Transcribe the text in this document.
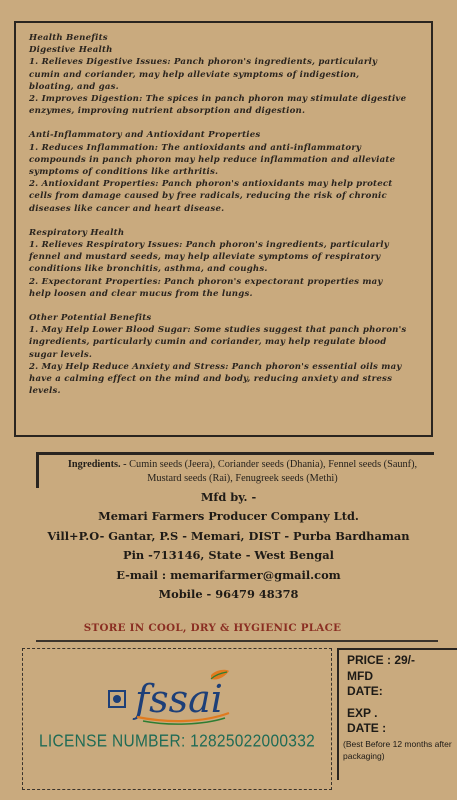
Health Benefits
Digestive Health
1. Relieves Digestive Issues: Panch phoron's ingredients, particularly
cumin and coriander, may help alleviate symptoms of indigestion,
bloating, and gas.
2. Improves Digestion: The spices in panch phoron may stimulate digestive
enzymes, improving nutrient absorption and digestion.
Anti-Inflammatory and Antioxidant Properties
1. Reduces Inflammation: The antioxidants and anti-inflammatory
compounds in panch phoron may help reduce inflammation and alleviate
symptoms of conditions like arthritis.
2. Antioxidant Properties: Panch phoron's antioxidants may help protect
cells from damage caused by free radicals, reducing the risk of chronic
diseases like cancer and heart disease.
Respiratory Health
1. Relieves Respiratory Issues: Panch phoron's ingredients, particularly
fennel and mustard seeds, may help alleviate symptoms of respiratory
conditions like bronchitis, asthma, and coughs.
2. Expectorant Properties: Panch phoron's expectorant properties may
help loosen and clear mucus from the lungs.
Other Potential Benefits
1. May Help Lower Blood Sugar: Some studies suggest that panch phoron's
ingredients, particularly cumin and coriander, may help regulate blood
sugar levels.
2. May Help Reduce Anxiety and Stress: Panch phoron's essential oils may
have a calming effect on the mind and body, reducing anxiety and stress
levels.
Ingredients. - Cumin seeds (Jeera), Coriander seeds (Dhania), Fennel seeds (Saunf), Mustard seeds (Rai), Fenugreek seeds (Methi)
Mfd by. -
Memari Farmers Producer Company Ltd.
Vill+P.O- Gantar, P.S - Memari, DIST - Purba Bardhaman
Pin -713146, State - West Bengal
E-mail : memarifarmer@gmail.com
Mobile - 96479 48378
STORE IN COOL, DRY & HYGIENIC PLACE
fssai
LICENSE NUMBER: 12825022000332
PRICE : 29/-
MFD
DATE:
EXP .
DATE :
(Best Before 12 months after packaging)
